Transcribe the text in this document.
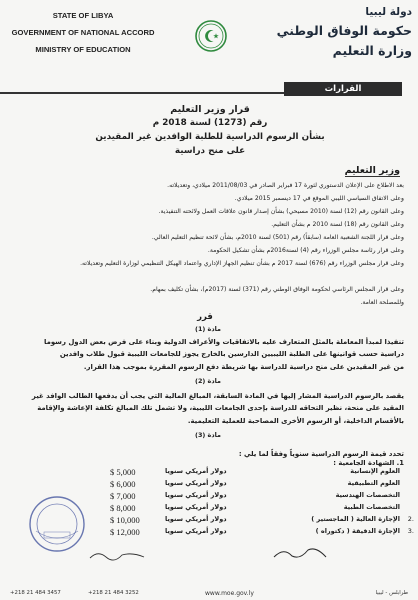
STATE OF LIBYA
GOVERNMENT OF NATIONAL ACCORD
MINISTRY OF EDUCATION
دولة ليبيا
حكومة الوفاق الوطني
وزارة التعليم
القرارات
قرار وزير التعليم
رقم (1273) لسنة 2018 م
بشأن الرسوم الدراسية للطلبة الوافدين غير المقيدين
على منح دراسية
وزير التعليم
بعد الاطلاع على الإعلان الدستوري لثورة 17 فبراير الصادر في 2011/08/03 ميلادي، وتعديلاته.
وعلى الاتفاق السياسي الليبي الموقع في 17 ديسمبر 2015 ميلادي.
وعلى القانون رقم (12) لسنة (2010 مسيحي) بشأن إصدار قانون علاقات العمل ولائحته التنفيذية.
وعلى القانون رقم (18) لسنة 2010 م بشأن التعليم.
وعلى قرار اللجنة الشعبية العامة (سابقاً) رقم (501) لسنة 2010م، بشأن لائحة تنظيم التعليم العالي.
وعلى قرار رئاسة مجلس الوزراء رقم (4) لسنة2016م بشأن تشكيل الحكومة.
وعلى قرار مجلس الوزراء رقم (676) لسنة 2017 م بشأن تنظيم الجهاز الإداري واعتماد الهيكل التنظيمي لوزارة التعليم وتعديلاته.
وعلى قرار المجلس الرئاسي لحكومة الوفاق الوطني رقم (371) لسنة (2017م)، بشأن تكليف بمهام.
وللمصلحة العامة.
قرر
مادة (1)
تنفيذا لمبدأ المعاملة بالمثل المتعارف عليه بالاتفاقيات والأعراف الدولية وبناء على فرض بعض الدول رسوما
دراسية حسب قوانينها على الطلبة الليبيين الدارسين بالخارج يجوز للجامعات الليبية قبول طلاب وافدين
من غير المقيدين على منح دراسية للدراسة بها شريطة دفع الرسوم المقررة بموجب هذا القرار.
مادة (2)
يقصد بالرسوم الدراسية المشار إليها في المادة السابقة، المبالغ المالية التي يجب أن يدفعها الطالب الوافد غير
المقيد على منحة، نظير التحاقه للدراسة بإحدى الجامعات الليبية، ولا تشمل تلك المبالغ تكلفة الإعاشة والإقامة
بالأقسام الداخلية، أو الرسوم الأخرى المصاحبة للعملية التعليمية.
مادة (3)
تحدد قيمة الرسوم الدراسية سنوياً وفقاً لما يلي :
1. الشهادة الجامعية :
$ 5,000	دولار أمريكي سنويا	العلوم الإنسانية
$ 6,000	دولار أمريكي سنويا	العلوم التطبيقية
$ 7,000	دولار أمريكي سنويا	التخصصات الهندسية
$ 8,000	دولار أمريكي سنويا	التخصصات الطبية
$ 10,000	دولار أمريكي سنويا	الإجازة العالية ( الماجستير ) 2.
$ 12,000	دولار أمريكي سنويا	الإجازة الدقيقة ( دكتوراه ) 3.
+218 21 484 3457	+218 21 484 3252	www.moe.gov.ly	طرابلس - ليبيا
